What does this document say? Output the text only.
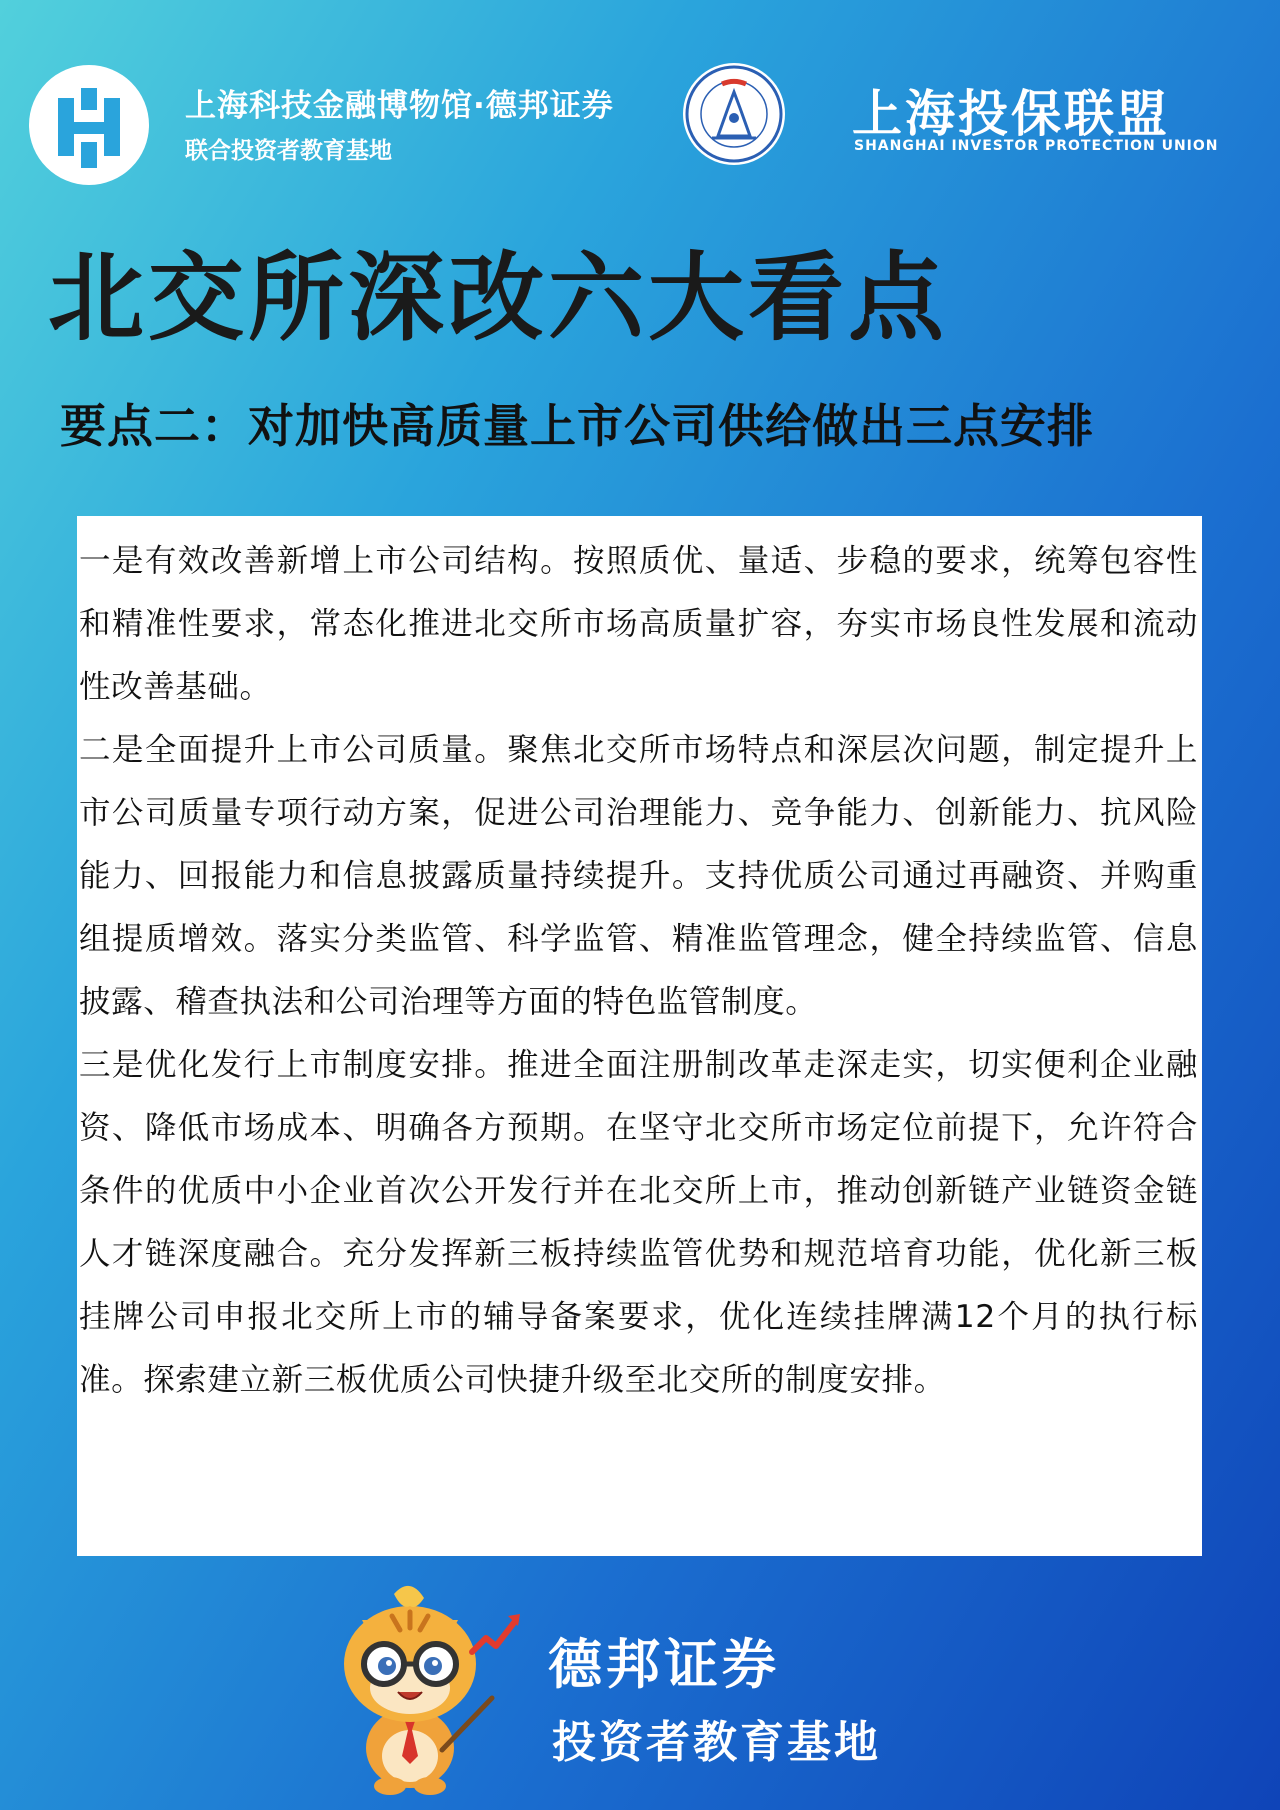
上海科技金融博物馆·德邦证券
联合投资者教育基地
上海投保联盟
SHANGHAI INVESTOR PROTECTION UNION
北交所深改六大看点
要点二：对加快高质量上市公司供给做出三点安排

一是有效改善新增上市公司结构。按照质优、量适、步稳的要求，统筹包容性和精准性要求，常态化推进北交所市场高质量扩容，夯实市场良性发展和流动性改善基础。

二是全面提升上市公司质量。聚焦北交所市场特点和深层次问题，制定提升上市公司质量专项行动方案，促进公司治理能力、竞争能力、创新能力、抗风险能力、回报能力和信息披露质量持续提升。支持优质公司通过再融资、并购重组提质增效。落实分类监管、科学监管、精准监管理念，健全持续监管、信息披露、稽查执法和公司治理等方面的特色监管制度。

三是优化发行上市制度安排。推进全面注册制改革走深走实，切实便利企业融资、降低市场成本、明确各方预期。在坚守北交所市场定位前提下，允许符合条件的优质中小企业首次公开发行并在北交所上市，推动创新链产业链资金链人才链深度融合。充分发挥新三板持续监管优势和规范培育功能，优化新三板挂牌公司申报北交所上市的辅导备案要求，优化连续挂牌满12个月的执行标准。探索建立新三板优质公司快捷升级至北交所的制度安排。

德邦证券
投资者教育基地
